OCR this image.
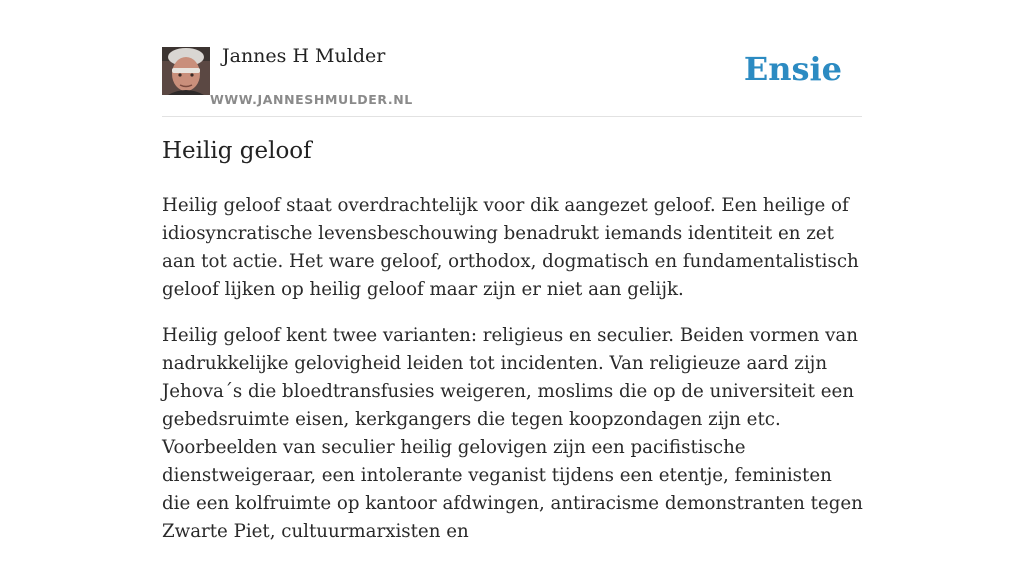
Jannes H Mulder
WWW.JANNESHMULDER.NL
Ensie
Heilig geloof

Heilig geloof staat overdrachtelijk voor dik aangezet geloof. Een heilige of idiosyncratische levensbeschouwing benadrukt iemands identiteit en zet aan tot actie. Het ware geloof, orthodox, dogmatisch en fundamentalistisch geloof lijken op heilig geloof maar zijn er niet aan gelijk.

Heilig geloof kent twee varianten: religieus en seculier. Beiden vormen van nadrukkelijke gelovigheid leiden tot incidenten. Van religieuze aard zijn Jehova´s die bloedtransfusies weigeren, moslims die op de universiteit een gebedsruimte eisen, kerkgangers die tegen koopzondagen zijn etc. Voorbeelden van seculier heilig gelovigen zijn een pacifistische dienstweigeraar, een intolerante veganist tijdens een etentje, feministen die een kolfruimte op kantoor afdwingen, antiracisme demonstranten tegen Zwarte Piet, cultuurmarxisten en
